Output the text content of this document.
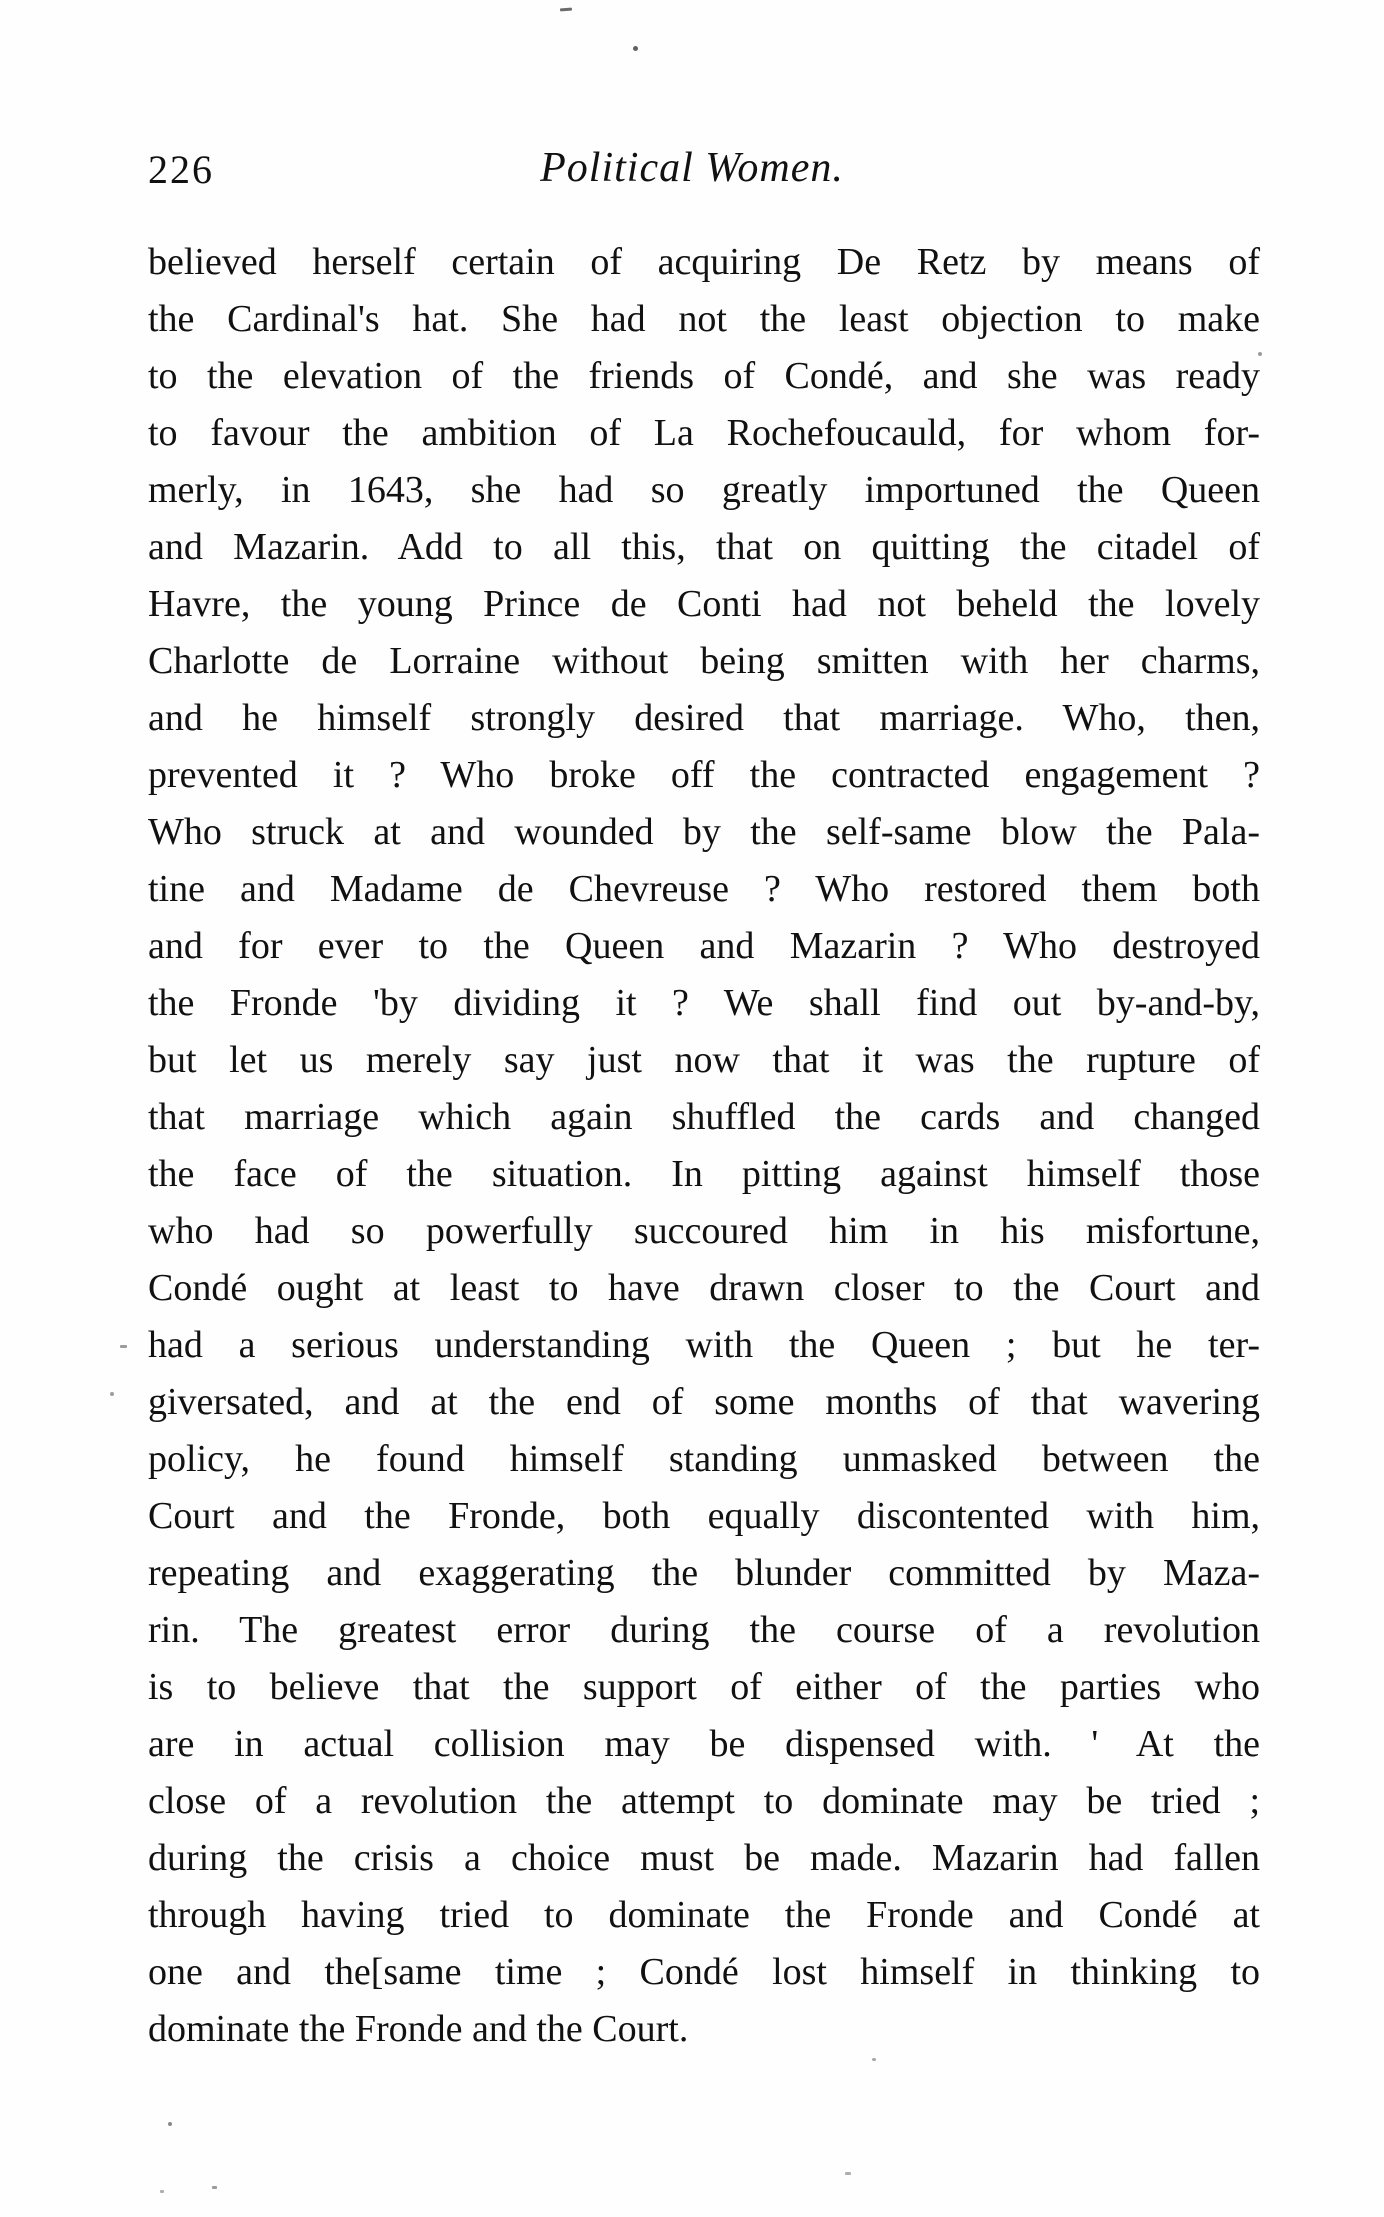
226	Political Women.
believed herself certain of acquiring De Retz by means of
the Cardinal's hat. She had not the least objection to make
to the elevation of the friends of Condé, and she was ready
to favour the ambition of La Rochefoucauld, for whom for-
merly, in 1643, she had so greatly importuned the Queen
and Mazarin. Add to all this, that on quitting the citadel of
Havre, the young Prince de Conti had not beheld the lovely
Charlotte de Lorraine without being smitten with her charms,
and he himself strongly desired that marriage. Who, then,
prevented it ? Who broke off the contracted engagement ?
Who struck at and wounded by the self-same blow the Pala-
tine and Madame de Chevreuse ? Who restored them both
and for ever to the Queen and Mazarin ? Who destroyed
the Fronde 'by dividing it ? We shall find out by-and-by,
but let us merely say just now that it was the rupture of
that marriage which again shuffled the cards and changed
the face of the situation. In pitting against himself those
who had so powerfully succoured him in his misfortune,
Condé ought at least to have drawn closer to the Court and
had a serious understanding with the Queen ; but he ter-
giversated, and at the end of some months of that wavering
policy, he found himself standing unmasked between the
Court and the Fronde, both equally discontented with him,
repeating and exaggerating the blunder committed by Maza-
rin. The greatest error during the course of a revolution
is to believe that the support of either of the parties who
are in actual collision may be dispensed with. ' At the
close of a revolution the attempt to dominate may be tried ;
during the crisis a choice must be made. Mazarin had fallen
through having tried to dominate the Fronde and Condé at
one and the[same time ; Condé lost himself in thinking to
dominate the Fronde and the Court.
